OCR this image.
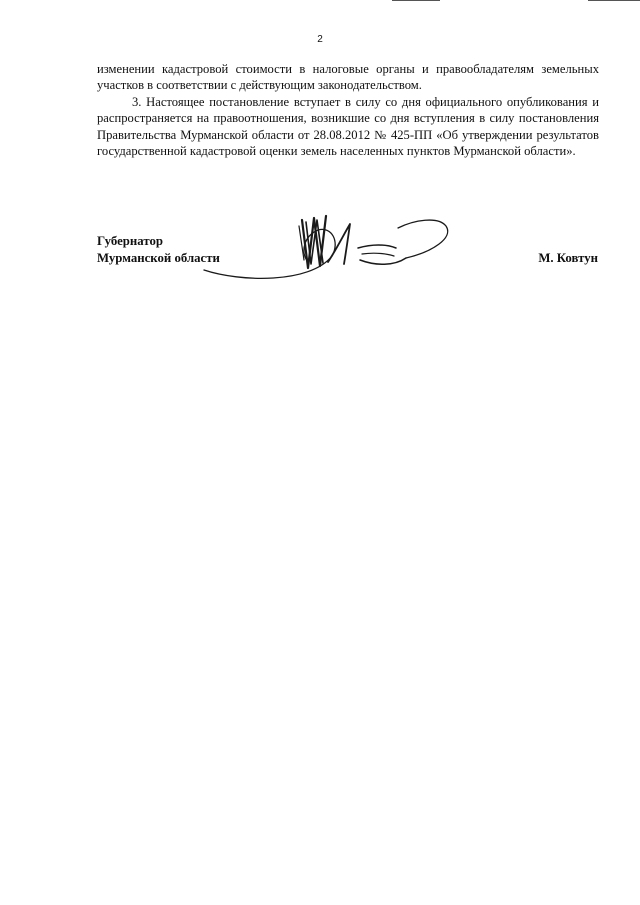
2

изменении кадастровой стоимости в налоговые органы и правообладателям земельных участков в соответствии с действующим законодательством.

3. Настоящее постановление вступает в силу со дня официального опубликования и распространяется на правоотношения, возникшие со дня вступления в силу постановления Правительства Мурманской области от 28.08.2012 № 425-ПП «Об утверждении результатов государственной кадастровой оценки земель населенных пунктов Мурманской области».

Губернатор
Мурманской области	М. Ковтун
